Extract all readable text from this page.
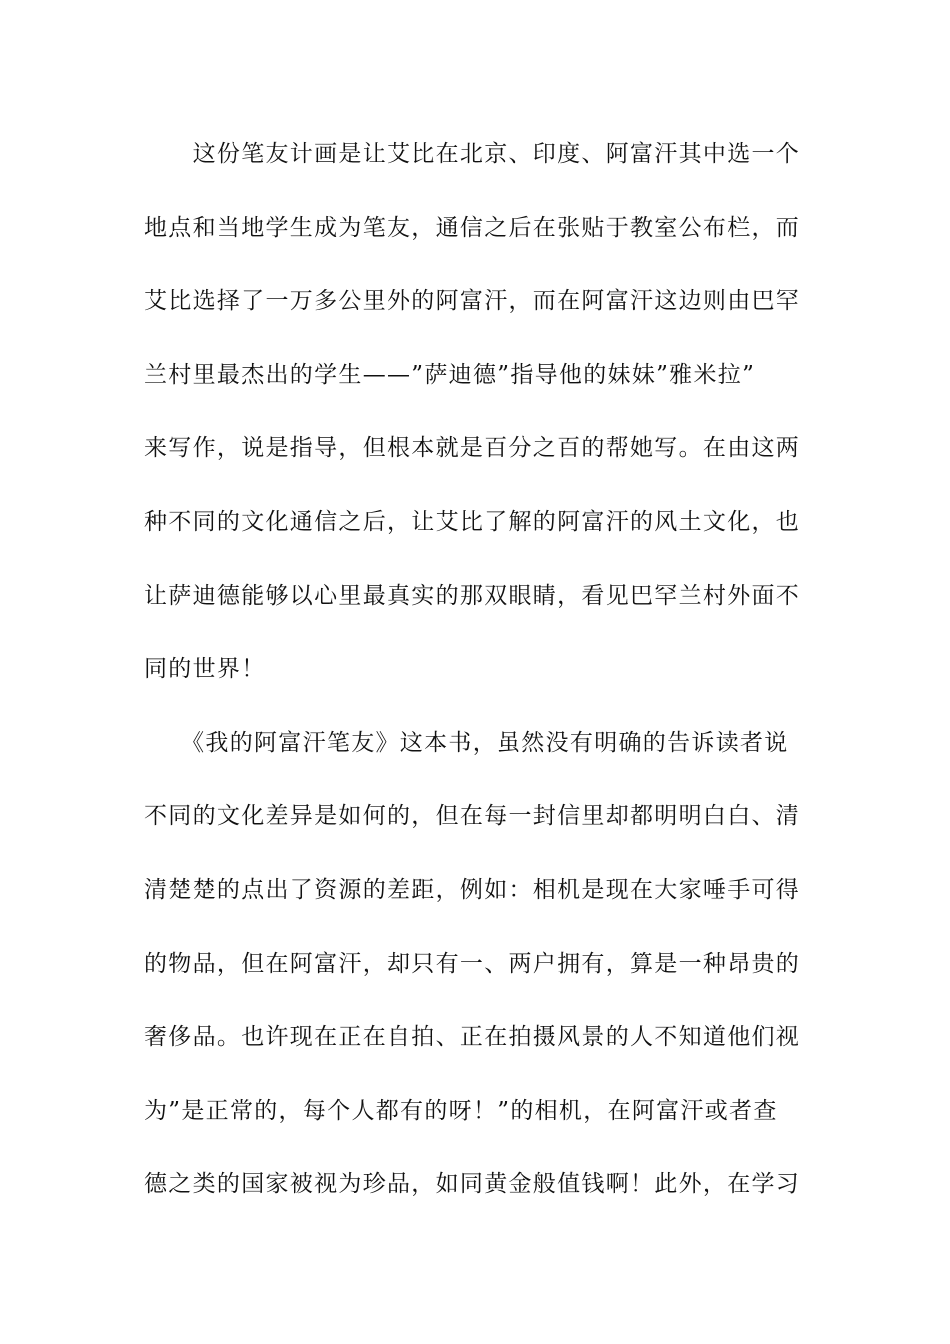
　　这份笔友计画是让艾比在北京、印度、阿富汗其中选一个
地点和当地学生成为笔友，通信之后在张贴于教室公布栏，而
艾比选择了一万多公里外的阿富汗，而在阿富汗这边则由巴罕
兰村里最杰出的学生——”萨迪德”指导他的妹妹”雅米拉”
来写作，说是指导，但根本就是百分之百的帮她写。在由这两
种不同的文化通信之后，让艾比了解的阿富汗的风土文化，也
让萨迪德能够以心里最真实的那双眼睛，看见巴罕兰村外面不
同的世界！
　　《我的阿富汗笔友》这本书，虽然没有明确的告诉读者说
不同的文化差异是如何的，但在每一封信里却都明明白白、清
清楚楚的点出了资源的差距，例如：相机是现在大家唾手可得
的物品，但在阿富汗，却只有一、两户拥有，算是一种昂贵的
奢侈品。也许现在正在自拍、正在拍摄风景的人不知道他们视
为”是正常的，每个人都有的呀！”的相机，在阿富汗或者查
德之类的国家被视为珍品，如同黄金般值钱啊！此外，在学习
